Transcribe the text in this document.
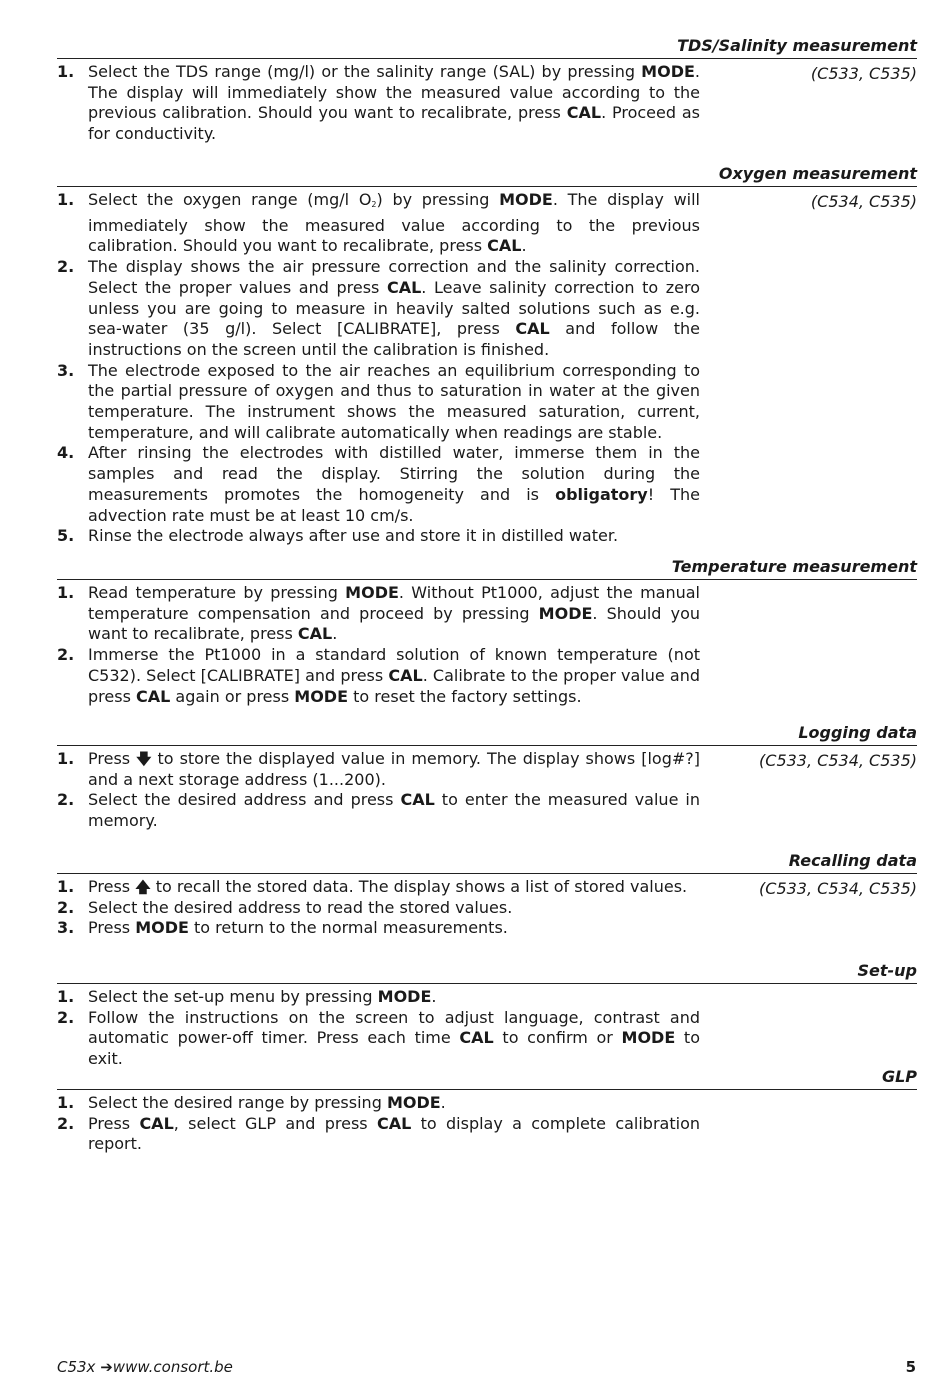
TDS/Salinity measurement
(C533, C535)
1. Select the TDS range (mg/l) or the salinity range (SAL) by pressing MODE. The display will immediately show the measured value according to the previous calibration. Should you want to recalibrate, press CAL. Proceed as for conductivity.
Oxygen measurement
(C534, C535)
1. Select the oxygen range (mg/l $O_2$) by pressing MODE. The display will immediately show the measured value according to the previous calibration. Should you want to recalibrate, press CAL.
2. The display shows the air pressure correction and the salinity correction. Select the proper values and press CAL. Leave salinity correction to zero unless you are going to measure in heavily salted solutions such as e.g. sea-water (35 g/l). Select [CALIBRATE], press CAL and follow the instructions on the screen until the calibration is finished.
3. The electrode exposed to the air reaches an equilibrium corresponding to the partial pressure of oxygen and thus to saturation in water at the given temperature. The instrument shows the measured saturation, current, temperature, and will calibrate automatically when readings are stable.
4. After rinsing the electrodes with distilled water, immerse them in the samples and read the display. Stirring the solution during the measurements promotes the homogeneity and is obligatory! The advection rate must be at least 10 cm/s.
5. Rinse the electrode always after use and store it in distilled water.
Temperature measurement
1. Read temperature by pressing MODE. Without Pt1000, adjust the manual temperature compensation and proceed by pressing MODE. Should you want to recalibrate, press CAL.
2. Immerse the Pt1000 in a standard solution of known temperature (not C532). Select [CALIBRATE] and press CAL. Calibrate to the proper value and press CAL again or press MODE to reset the factory settings.
Logging data
(C533, C534, C535)
1. Press 🡇 to store the displayed value in memory. The display shows [log#?] and a next storage address (1...200).
2. Select the desired address and press CAL to enter the measured value in memory.
Recalling data
(C533, C534, C535)
1. Press 🡅 to recall the stored data. The display shows a list of stored values.
2. Select the desired address to read the stored values.
3. Press MODE to return to the normal measurements.
Set-up
1. Select the set-up menu by pressing MODE.
2. Follow the instructions on the screen to adjust language, contrast and automatic power-off timer. Press each time CAL to confirm or MODE to exit.
GLP
1. Select the desired range by pressing MODE.
2. Press CAL, select GLP and press CAL to display a complete calibration report.
C53x ➔www.consort.be	5
